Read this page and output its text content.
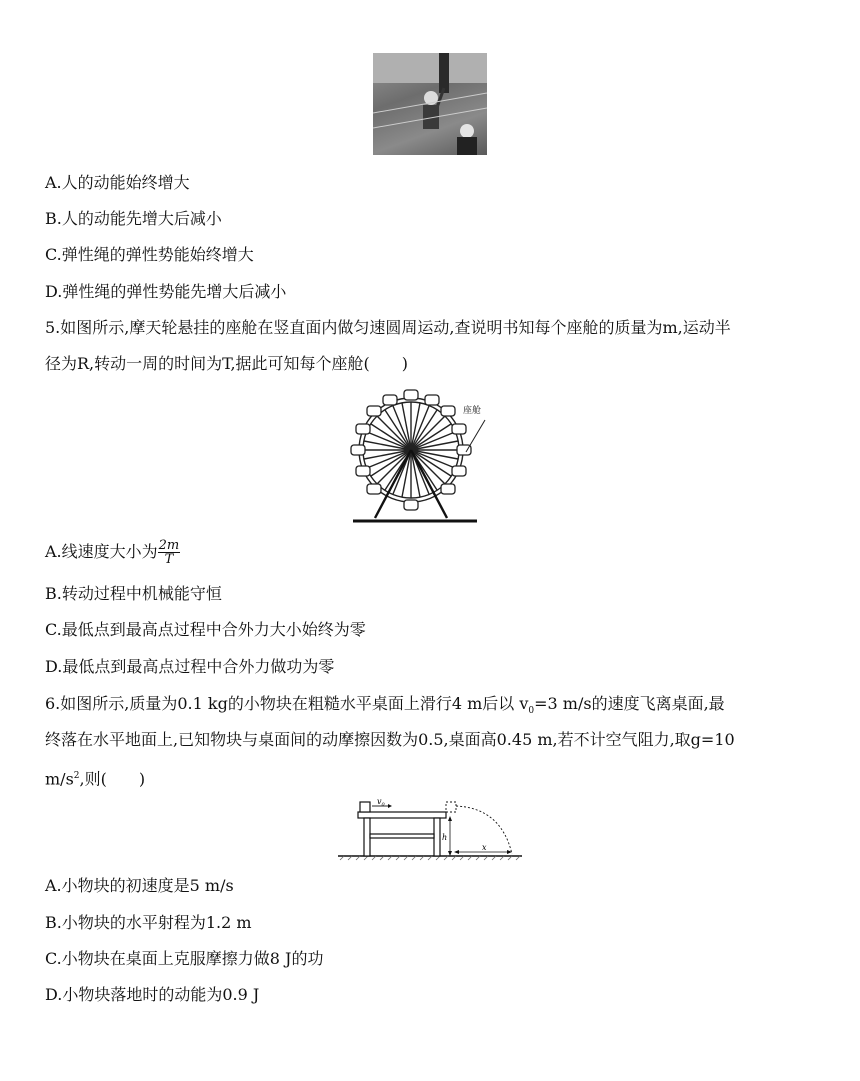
A.人的动能始终增大
B.人的动能先增大后减小
C.弹性绳的弹性势能始终增大
D.弹性绳的弹性势能先增大后减小
5.如图所示,摩天轮悬挂的座舱在竖直面内做匀速圆周运动,查说明书知每个座舱的质量为m,运动半
径为R,转动一周的时间为T,据此可知每个座舱(　　)
座舱
A.线速度大小为 $\frac{2m}{T}$
B.转动过程中机械能守恒
C.最低点到最高点过程中合外力大小始终为零
D.最低点到最高点过程中合外力做功为零
6.如图所示,质量为0.1 kg的小物块在粗糙水平桌面上滑行4 m后以 $v_0=3$ m/s的速度飞离桌面,最
终落在水平地面上,已知物块与桌面间的动摩擦因数为0.5,桌面高0.45 m,若不计空气阻力,取g=10
$m/s^2$,则(　　)
$v_0$
h
x
A.小物块的初速度是5 m/s
B.小物块的水平射程为1.2 m
C.小物块在桌面上克服摩擦力做8 J的功
D.小物块落地时的动能为0.9 J
